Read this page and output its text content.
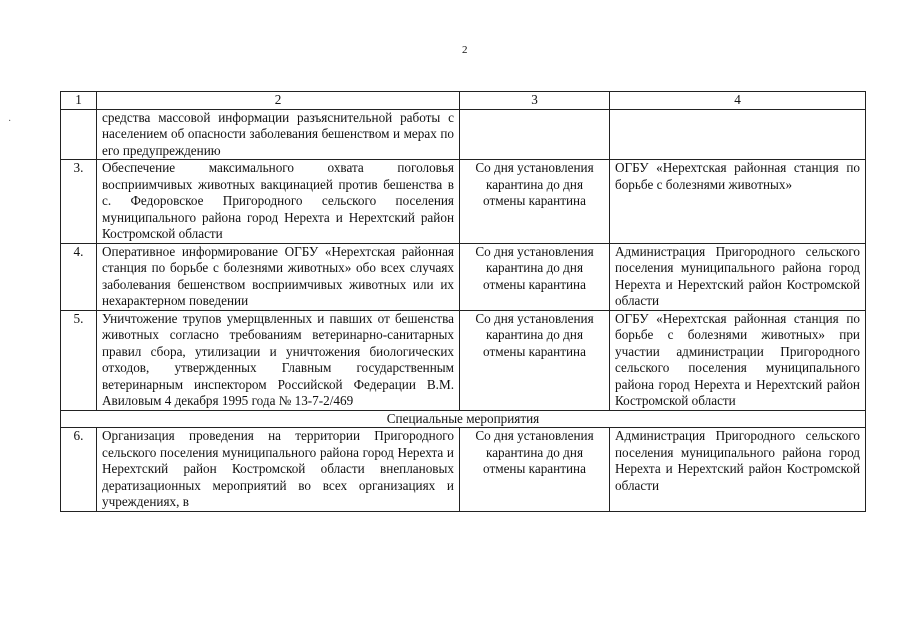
2
·
1	2	3	4
	средства массовой информации разъяснительной работы с населением об опасности заболевания бешенством и мерах по его предупреждению		
3.	Обеспечение максимального охвата поголовья восприимчивых животных вакцинацией против бешенства в с. Федоровское Пригородного сельского поселения муниципального района город Нерехта и Нерехтский район Костромской области	Со дня установления карантина до дня отмены карантина	ОГБУ «Нерехтская районная станция по борьбе с болезнями животных»
4.	Оперативное информирование ОГБУ «Нерехтская районная станция по борьбе с болезнями животных» обо всех случаях заболевания бешенством восприимчивых животных или их нехарактерном поведении	Со дня установления карантина до дня отмены карантина	Администрация Пригородного сельского поселения муниципального района город Нерехта и Нерехтский район Костромской области
5.	Уничтожение трупов умерщвленных и павших от бешенства животных согласно требованиям ветеринарно-санитарных правил сбора, утилизации и уничтожения биологических отходов, утвержденных Главным государственным ветеринарным инспектором Российской Федерации В.М. Авиловым 4 декабря 1995 года № 13-7-2/469	Со дня установления карантина до дня отмены карантина	ОГБУ «Нерехтская районная станция по борьбе с болезнями животных» при участии администрации Пригородного сельского поселения муниципального района город Нерехта и Нерехтский район Костромской области
Специальные мероприятия			
6.	Организация проведения на территории Пригородного сельского поселения муниципального района город Нерехта и Нерехтский район Костромской области внеплановых дератизационных мероприятий во всех организациях и учреждениях, в	Со дня установления карантина до дня отмены карантина	Администрация Пригородного сельского поселения муниципального района город Нерехта и Нерехтский район Костромской области
